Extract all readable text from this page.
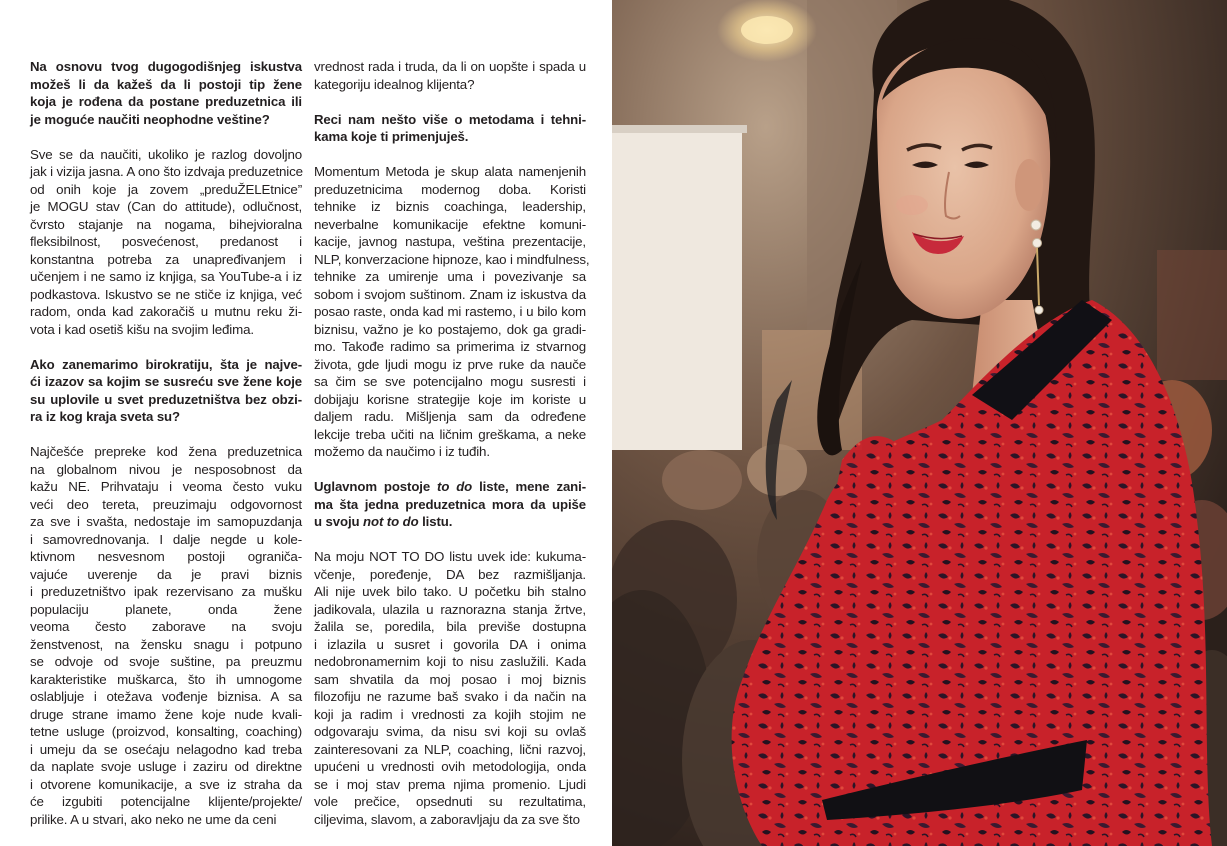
Na osnovu tvog dugogodišnjeg iskustva
možeš li da kažeš da li postoji tip žene
koja je rođena da postane preduzetnica ili
je moguće naučiti neophodne veštine?
Sve se da naučiti, ukoliko je razlog dovoljno
jak i vizija jasna. A ono što izdvaja preduzetnice
od onih koje ja zovem „preduŽELEtnice”
je MOGU stav (Can do attitude), odlučnost,
čvrsto stajanje na nogama, bihejvioralna
fleksibilnost, posvećenost, predanost i
konstantna potreba za unapređivanjem i
učenjem i ne samo iz knjiga, sa YouTube-a i iz
podkastova. Iskustvo se ne stiče iz knjiga, već
radom, onda kad zakoračiš u mutnu reku ži-
vota i kad osetiš kišu na svojim leđima.
Ako zanemarimo birokratiju, šta je najve-
ći izazov sa kojim se susreću sve žene koje
su uplovile u svet preduzetništva bez obzi-
ra iz kog kraja sveta su?
Najčešće prepreke kod žena preduzetnica
na globalnom nivou je nesposobnost da
kažu NE. Prihvataju i veoma često vuku
veći deo tereta, preuzimaju odgovornost
za sve i svašta, nedostaje im samopuzdanja
i samovrednovanja. I dalje negde u kole-
ktivnom nesvesnom postoji ograniča-
vajuće uverenje da je pravi biznis
i preduzetništvo ipak rezervisano za mušku
populaciju planete, onda žene
veoma često zaborave na svoju
ženstvenost, na žensku snagu i potpuno
se odvoje od svoje suštine, pa preuzmu
karakteristike muškarca, što ih umnogome
oslabljuje i otežava vođenje biznisa. A sa
druge strane imamo žene koje nude kvali-
tetne usluge (proizvod, konsalting, coaching)
i umeju da se osećaju nelagodno kad treba
da naplate svoje usluge i zaziru od direktne
i otvorene komunikacije, a sve iz straha da
će izgubiti potencijalne klijente/projekte/
prilike. A u stvari, ako neko ne ume da ceni
vrednost rada i truda, da li on uopšte i spada u
kategoriju idealnog klijenta?
Reci nam nešto više o metodama i tehni-
kama koje ti primenjuješ.
Momentum Metoda je skup alata namenjenih
preduzetnicima modernog doba. Koristi
tehnike iz biznis coachinga, leadership,
neverbalne komunikacije efektne komuni-
kacije, javnog nastupa, veština prezentacije,
NLP, konverzacione hipnoze, kao i mindfulness,
tehnike za umirenje uma i povezivanje sa
sobom i svojom suštinom. Znam iz iskustva da
posao raste, onda kad mi rastemo, i u bilo kom
biznisu, važno je ko postajemo, dok ga gradi-
mo. Takođe radimo sa primerima iz stvarnog
života, gde ljudi mogu iz prve ruke da nauče
sa čim se sve potencijalno mogu susresti i
dobijaju korisne strategije koje im koriste u
daljem radu. Mišljenja sam da određene
lekcije treba učiti na ličnim greškama, a neke
možemo da naučimo i iz tuđih.
Uglavnom postoje to do liste, mene zani-
ma šta jedna preduzetnica mora da upiše
u svoju not to do listu.
Na moju NOT TO DO listu uvek ide: kukuma-
včenje, poređenje, DA bez razmišljanja.
Ali nije uvek bilo tako. U početku bih stalno
jadikovala, ulazila u raznorazna stanja žrtve,
žalila se, poredila, bila previše dostupna
i izlazila u susret i govorila DA i onima
nedobronamernim koji to nisu zaslužili. Kada
sam shvatila da moj posao i moj biznis
filozofiju ne razume baš svako i da način na
koji ja radim i vrednosti za kojih stojim ne
odgovaraju svima, da nisu svi koji su ovlaš
zainteresovani za NLP, coaching, lični razvoj,
upućeni u vrednosti ovih metodologija, onda
se i moj stav prema njima promenio. Ljudi
vole prečice, opsednuti su rezultatima,
ciljevima, slavom, a zaboravljaju da za sve što
